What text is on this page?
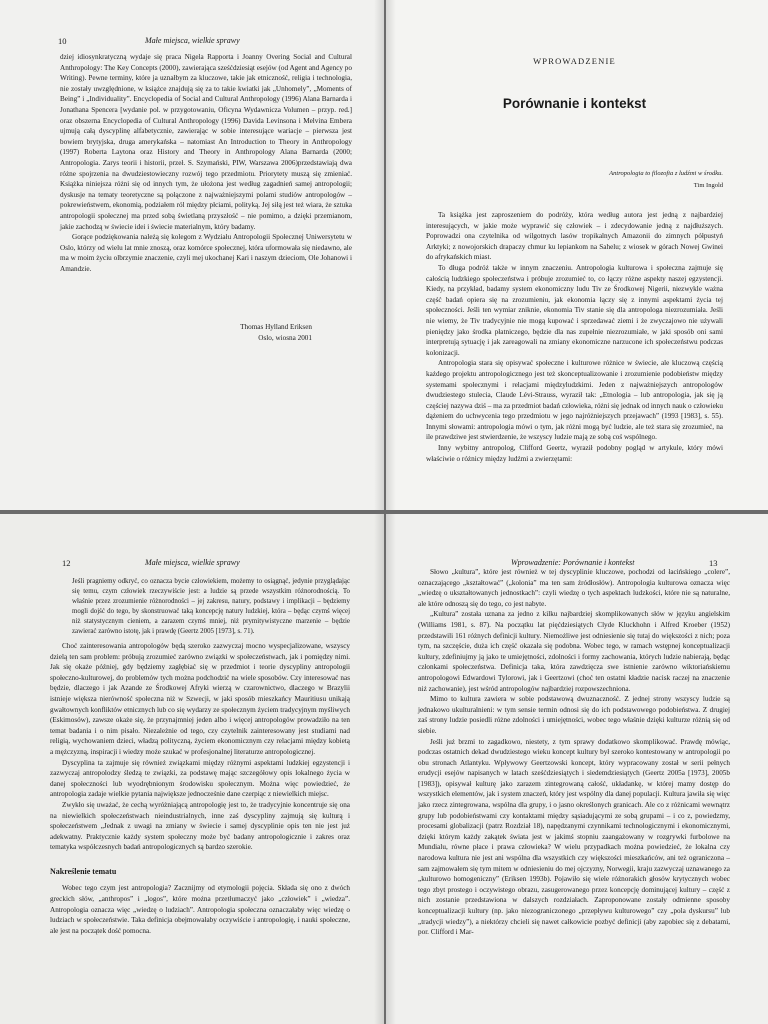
10	Małe miejsca, wielkie sprawy

dziej idiosynkratyczną wydaje się praca Nigela Rapporta i Joanny Overing Social and Cultural Anthropology: The Key Concepts (2000), zawierająca sześćdziesiąt esejów (od Agent and Agency po Writing). Pewne terminy, które ja uznałbym za kluczowe, takie jak etniczność, religia i technologia, nie zostały uwzględnione, w książce znajdują się za to takie kwiatki jak „Unhomely”, „Moments of Being” i „Individuality”. Encyclopedia of Social and Cultural Anthropology (1996) Alana Barnarda i Jonathana Spencera [wydanie pol. w przygotowaniu, Oficyna Wydawnicza Volumen – przyp. red.] oraz obszerna Encyclopedia of Cultural Anthropology (1996) Davida Levinsona i Melvina Embera ujmują całą dyscyplinę alfabetycznie, zawierając w sobie interesujące wariacje – pierwsza jest bowiem brytyjska, druga amerykańska – natomiast An Introduction to Theory in Anthropology (1997) Roberta Laytona oraz History and Theory in Anthropology Alana Barnarda (2000; Antropologia. Zarys teorii i historii, przeł. S. Szymański, PIW, Warszawa 2006)przedstawiają dwa różne spojrzenia na dwudziestowieczny rozwój tego przedmiotu. Priorytety muszą się zmieniać. Książka niniejsza różni się od innych tym, że ułożona jest według zagadnień samej antropologii; dyskusje na tematy teoretyczne są połączone z najważniejszymi polami studiów antropologów – pokrewieństwem, ekonomią, podziałem ról między płciami, polityką. Jej siłą jest też wiara, że sztuka antropologii społecznej ma przed sobą świetlaną przyszłość – nie pomimo, a dzięki przemianom, jakie zachodzą w świecie idei i świecie materialnym, który badamy.

Gorące podziękowania należą się kolegom z Wydziału Antropologii Społecznej Uniwersytetu w Oslo, którzy od wielu lat mnie znoszą, oraz komórce społecznej, która uformowała się niedawno, ale ma w moim życiu olbrzymie znaczenie, czyli mej ukochanej Kari i naszym dzieciom, Ole Johanowi i Amandzie.

Thomas Hylland Eriksen
Oslo, wiosna 2001
WPROWADZENIE
Porównanie i kontekst
Antropologia to filozofia z ludźmi w środku.
Tim Ingold

Ta książka jest zaproszeniem do podróży, która według autora jest jedną z najbardziej interesujących, w jakie może wyprawić się człowiek – i zdecydowanie jedną z najdłuższych. Poprowadzi ona czytelnika od wilgotnych lasów tropikalnych Amazonii do zimnych półpustyń Arktyki; z nowojorskich drapaczy chmur ku lepiankom na Sahelu; z wiosek w górach Nowej Gwinei do afrykańskich miast.

To długa podróż także w innym znaczeniu. Antropologia kulturowa i społeczna zajmuje się całością ludzkiego społeczeństwa i próbuje zrozumieć to, co łączy różne aspekty naszej egzystencji. Kiedy, na przykład, badamy system ekonomiczny ludu Tiv ze Środkowej Nigerii, niezwykle ważna część badań opiera się na zrozumieniu, jak ekonomia łączy się z innymi aspektami życia tej społeczności. Jeśli ten wymiar zniknie, ekonomia Tiv stanie się dla antropologa niezrozumiała. Jeśli nie wiemy, że Tiv tradycyjnie nie mogą kupować i sprzedawać ziemi i że zwyczajowo nie używali pieniędzy jako środka płatniczego, będzie dla nas zupełnie niezrozumiałe, w jaki sposób oni sami interpretują sytuację i jak zareagowali na zmiany ekonomiczne narzucone ich społeczeństwu podczas kolonizacji.

Antropologia stara się opisywać społeczne i kulturowe różnice w świecie, ale kluczową częścią każdego projektu antropologicznego jest też skonceptualizowanie i zrozumienie podobieństw między systemami społecznymi i relacjami międzyludzkimi. Jeden z najważniejszych antropologów dwudziestego stulecia, Claude Lévi-Strauss, wyraził tak: „Etnologia – lub antropologia, jak się ją częściej nazywa dziś – ma za przedmiot badań człowieka, różni się jednak od innych nauk o człowieku dążeniem do uchwycenia tego przedmiotu w jego najróżniejszych przejawach” (1993 [1983], s. 55). Innymi słowami: antropologia mówi o tym, jak różni mogą być ludzie, ale też stara się zrozumieć, na ile prawdziwe jest stwierdzenie, że wszyscy ludzie mają ze sobą coś wspólnego.

Inny wybitny antropolog, Clifford Geertz, wyraził podobny pogląd w artykule, który mówi właściwie o różnicy między ludźmi a zwierzętami:

12	Małe miejsca, wielkie sprawy
Jeśli pragniemy odkryć, co oznacza bycie człowiekiem, możemy to osiągnąć, jedynie przyglądając się temu, czym człowiek rzeczywiście jest: a ludzie są przede wszystkim różnorodnością. To właśnie przez zrozumienie różnorodności – jej zakresu, natury, podstawy i implikacji – będziemy mogli dojść do tego, by skonstruować taką koncepcję natury ludzkiej, która – będąc czymś więcej niż statystycznym cieniem, a zarazem czymś mniej, niż prymitywistyczne marzenie – będzie zawierać zarówno istotę, jak i prawdę (Geertz 2005 [1973], s. 71).

Choć zainteresowania antropologów będą szeroko zazwyczaj mocno wyspecjalizowane, wszyscy dzielą ten sam problem: próbują zrozumieć zarówno związki w społeczeństwach, jak i pomiędzy nimi. Jak się okaże później, gdy będziemy zagłębiać się w przedmiot i teorie dyscypliny antropologii społeczno-kulturowej, do problemów tych można podchodzić na wiele sposobów. Czy interesować nas będzie, dlaczego i jak Azande ze Środkowej Afryki wierzą w czarownictwo, dlaczego w Brazylii istnieje większa nierówność społeczna niż w Szwecji, w jaki sposób mieszkańcy Mauritiusu unikają gwałtownych konfliktów etnicznych lub co się wydarzy ze społecznym życiem tradycyjnym myśliwych (Eskimosów), zawsze okaże się, że przynajmniej jeden albo i więcej antropologów prowadziło na ten temat badania i o nim pisało. Niezależnie od tego, czy czytelnik zainteresowany jest studiami nad religią, wychowaniem dzieci, władzą polityczną, życiem ekonomicznym czy relacjami między kobietą a mężczyzną, inspiracji i wiedzy może szukać w profesjonalnej literaturze antropologicznej.

Dyscyplina ta zajmuje się również związkami między różnymi aspektami ludzkiej egzystencji i zazwyczaj antropolodzy śledzą te związki, za podstawę mając szczegółowy opis lokalnego życia w danej społeczności lub wyodrębnionym środowisku społecznym. Można więc powiedzieć, że antropologia zadaje wielkie pytania największe jednocześnie dane czerpiąc z niewielkich miejsc.

Zwykło się uważać, że cechą wyróżniającą antropologię jest to, że tradycyjnie koncentruje się ona na niewielkich społeczeństwach nieindustrialnych, inne zaś dyscypliny zajmują się kulturą i społeczeństwem „Jednak z uwagi na zmiany w świecie i samej dyscyplinie opis ten nie jest już adekwatny. Praktycznie każdy system społeczny może być badany antropologicznie i zakres oraz tematyka współczesnych badań antropologicznych są bardzo szerokie.

Nakreślenie tematu

Wobec tego czym jest antropologia? Zacznijmy od etymologii pojęcia. Składa się ono z dwóch greckich słów, „anthropos” i „logos”, które można przetłumaczyć jako „człowiek” i „wiedza”. Antropologia oznacza więc „wiedzę o ludziach”. Antropologia społeczna oznaczałaby więc wiedzę o ludziach w społeczeństwie. Taka definicja obejmowałaby oczywiście i antropologię, i nauki społeczne, ale jest na początek dość pomocna.

Wprowadzenie: Porównanie i kontekst	13

Słowo „kultura”, które jest również w tej dyscyplinie kluczowe, pochodzi od łacińskiego „colere”, oznaczającego „kształtować” („kolonia” ma ten sam źródłosłów). Antropologia kulturowa oznacza więc „wiedzę o ukształtowanych jednostkach”: czyli wiedzę o tych aspektach ludzkości, które nie są naturalne, ale które odnoszą się do tego, co jest nabyte.

„Kultura” została uznana za jedno z kilku najbardziej skomplikowanych słów w języku angielskim (Williams 1981, s. 87). Na początku lat pięćdziesiątych Clyde Kluckhohn i Alfred Kroeber (1952) przedstawili 161 różnych definicji kultury. Niemożliwe jest odniesienie się tutaj do większości z nich; poza tym, na szczęście, duża ich część okazała się podobna. Wobec tego, w ramach wstępnej konceptualizacji kultury, zdefiniujmy ją jako te umiejętności, zdolności i formy zachowania, których ludzie nabierają, będąc członkami społeczeństwa. Definicja taka, która zawdzięcza swe istnienie zarówno wiktoriańskiemu antropologowi Edwardowi Tylorowi, jak i Geertzowi (choć ten ostatni kładzie nacisk raczej na znaczenie niż zachowanie), jest wśród antropologów najbardziej rozpowszechniona.

Mimo to kultura zawiera w sobie podstawową dwuznaczność. Z jednej strony wszyscy ludzie są jednakowo ukulturalnieni: w tym sensie termin odnosi się do ich podstawowego podobieństwa. Z drugiej zaś strony ludzie posiedli różne zdolności i umiejętności, wobec tego właśnie dzięki kulturze różnią się od siebie.

Jeśli już brzmi to zagadkowo, niestety, z tym sprawy dodatkowo skomplikować. Prawdę mówiąc, podczas ostatnich dekad dwudziestego wieku koncept kultury był szeroko kontestowany w antropologii po obu stronach Atlantyku. Wpływowy Geertzowski koncept, który wypracowany został w serii pełnych erudycji esejów napisanych w latach sześćdziesiątych i siedemdziesiątych (Geertz 2005a [1973], 2005b [1983]), opisywał kulturę jako zarazem zintegrowaną całość, układankę, w której mamy dostęp do wszystkich elementów, jak i system znaczeń, który jest wspólny dla danej populacji. Kultura jawiła się więc jako rzecz zintegrowana, wspólna dla grupy, i o jasno określonych granicach. Ale co z różnicami wewnątrz grupy lub podobieństwami czy kontaktami między sąsiadującymi ze sobą grupami – i co z, powiedzmy, procesami globalizacji (patrz Rozdział 18), napędzanymi czynnikami technologicznymi i ekonomicznymi, dzięki którym każdy zakątek świata jest w jakimś stopniu zaangażowany w rozgrywki furbolowe na Mundialu, równe płace i prawa człowieka? W wielu przypadkach można powiedzieć, że lokalna czy narodowa kultura nie jest ani wspólna dla wszystkich czy większości mieszkańców, ani też ograniczona – sam zajmowałem się tym mitem w odniesieniu do mej ojczyzny, Norwegii, kraju zazwyczaj uznawanego za „kulturowo homogeniczny” (Eriksen 1993b). Pojawiło się wiele różnorakich głosów krytycznych wobec tego zbyt prostego i oczywistego obrazu, zasugerowanego przez koncepcję dominującej kultury – część z nich zostanie przedstawiona w dalszych rozdziałach. Zaproponowane zostały odmienne sposoby konceptualizacji kultury (np. jako niezograniczonego „przepływu kulturowego” czy „pola dyskursu” lub „tradycji wiedzy”), a niektórzy chcieli się nawet całkowicie pozbyć definicji (aby zapobiec się z debatami, por. Clifford i Mar-
